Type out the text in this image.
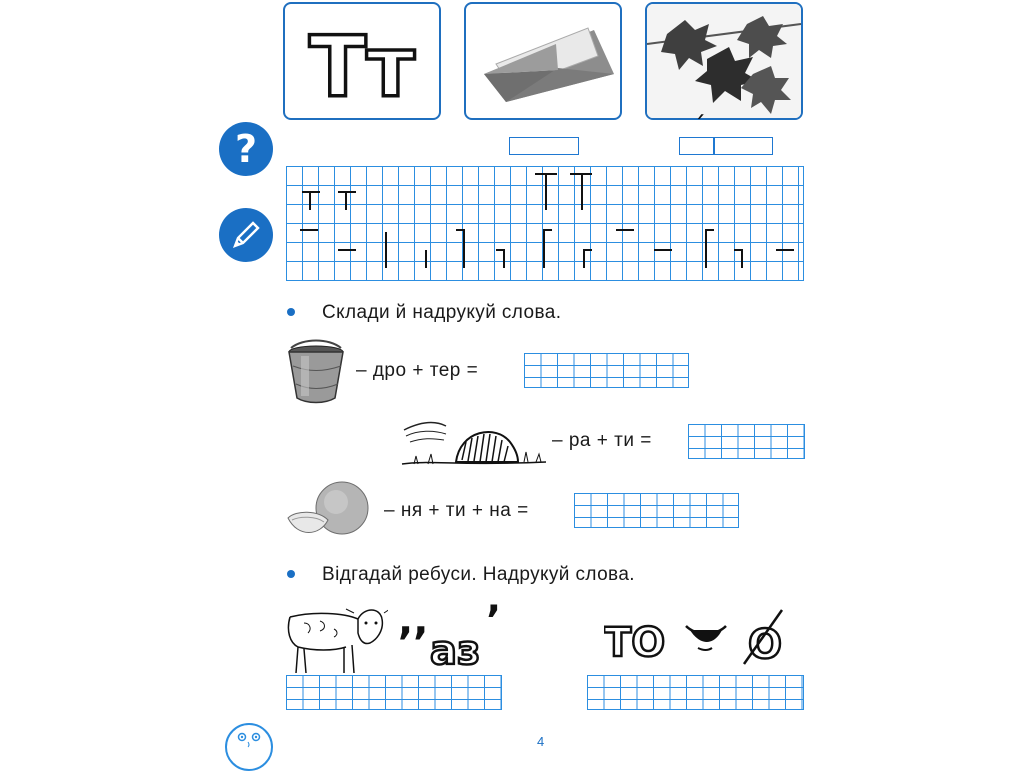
Тт
?	´
Склади й надрукуй слова.
– дро + тер =
– ра + ти =
– ня + ти + на =
Відгадай ребуси. Надрукуй слова.
,,
аз
’	ТО О
4
